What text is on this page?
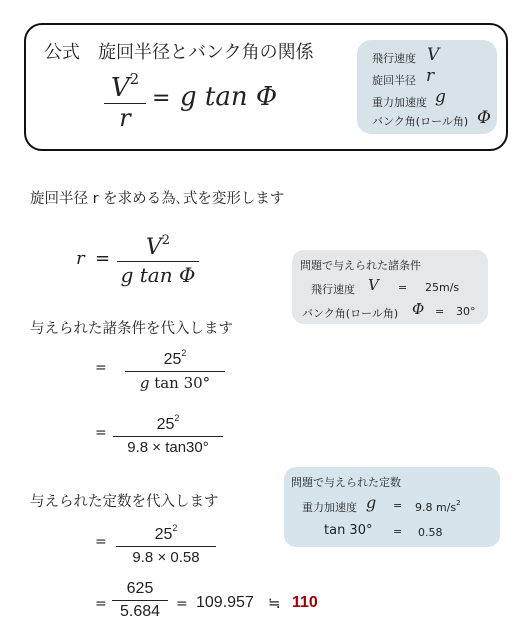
公式　旋回半径とバンク角の関係
$V^2$
r
= g tan Φ
飛行速度 V
旋回半径 r
重力加速度 g
バンク角(ロール角) Φ
旋回半径 r を求める為､式を変形します
r =	$V^2$
g tan Φ	問題で与えられた諸条件
飛行速度 V = 25m/s
バンク角(ロール角) Φ = 30°
与えられた諸条件を代入します
=	$25^2$
g tan 30°
=	$25^2$
9.8 × tan30°
問題で与えられた定数
重力加速度 g = 9.8 $m/s^2$
tan 30° = 0.58
与えられた定数を代入します
=	$25^2$
9.8 × 0.58
=
625
5.684	= 109.957 ≒ 110
